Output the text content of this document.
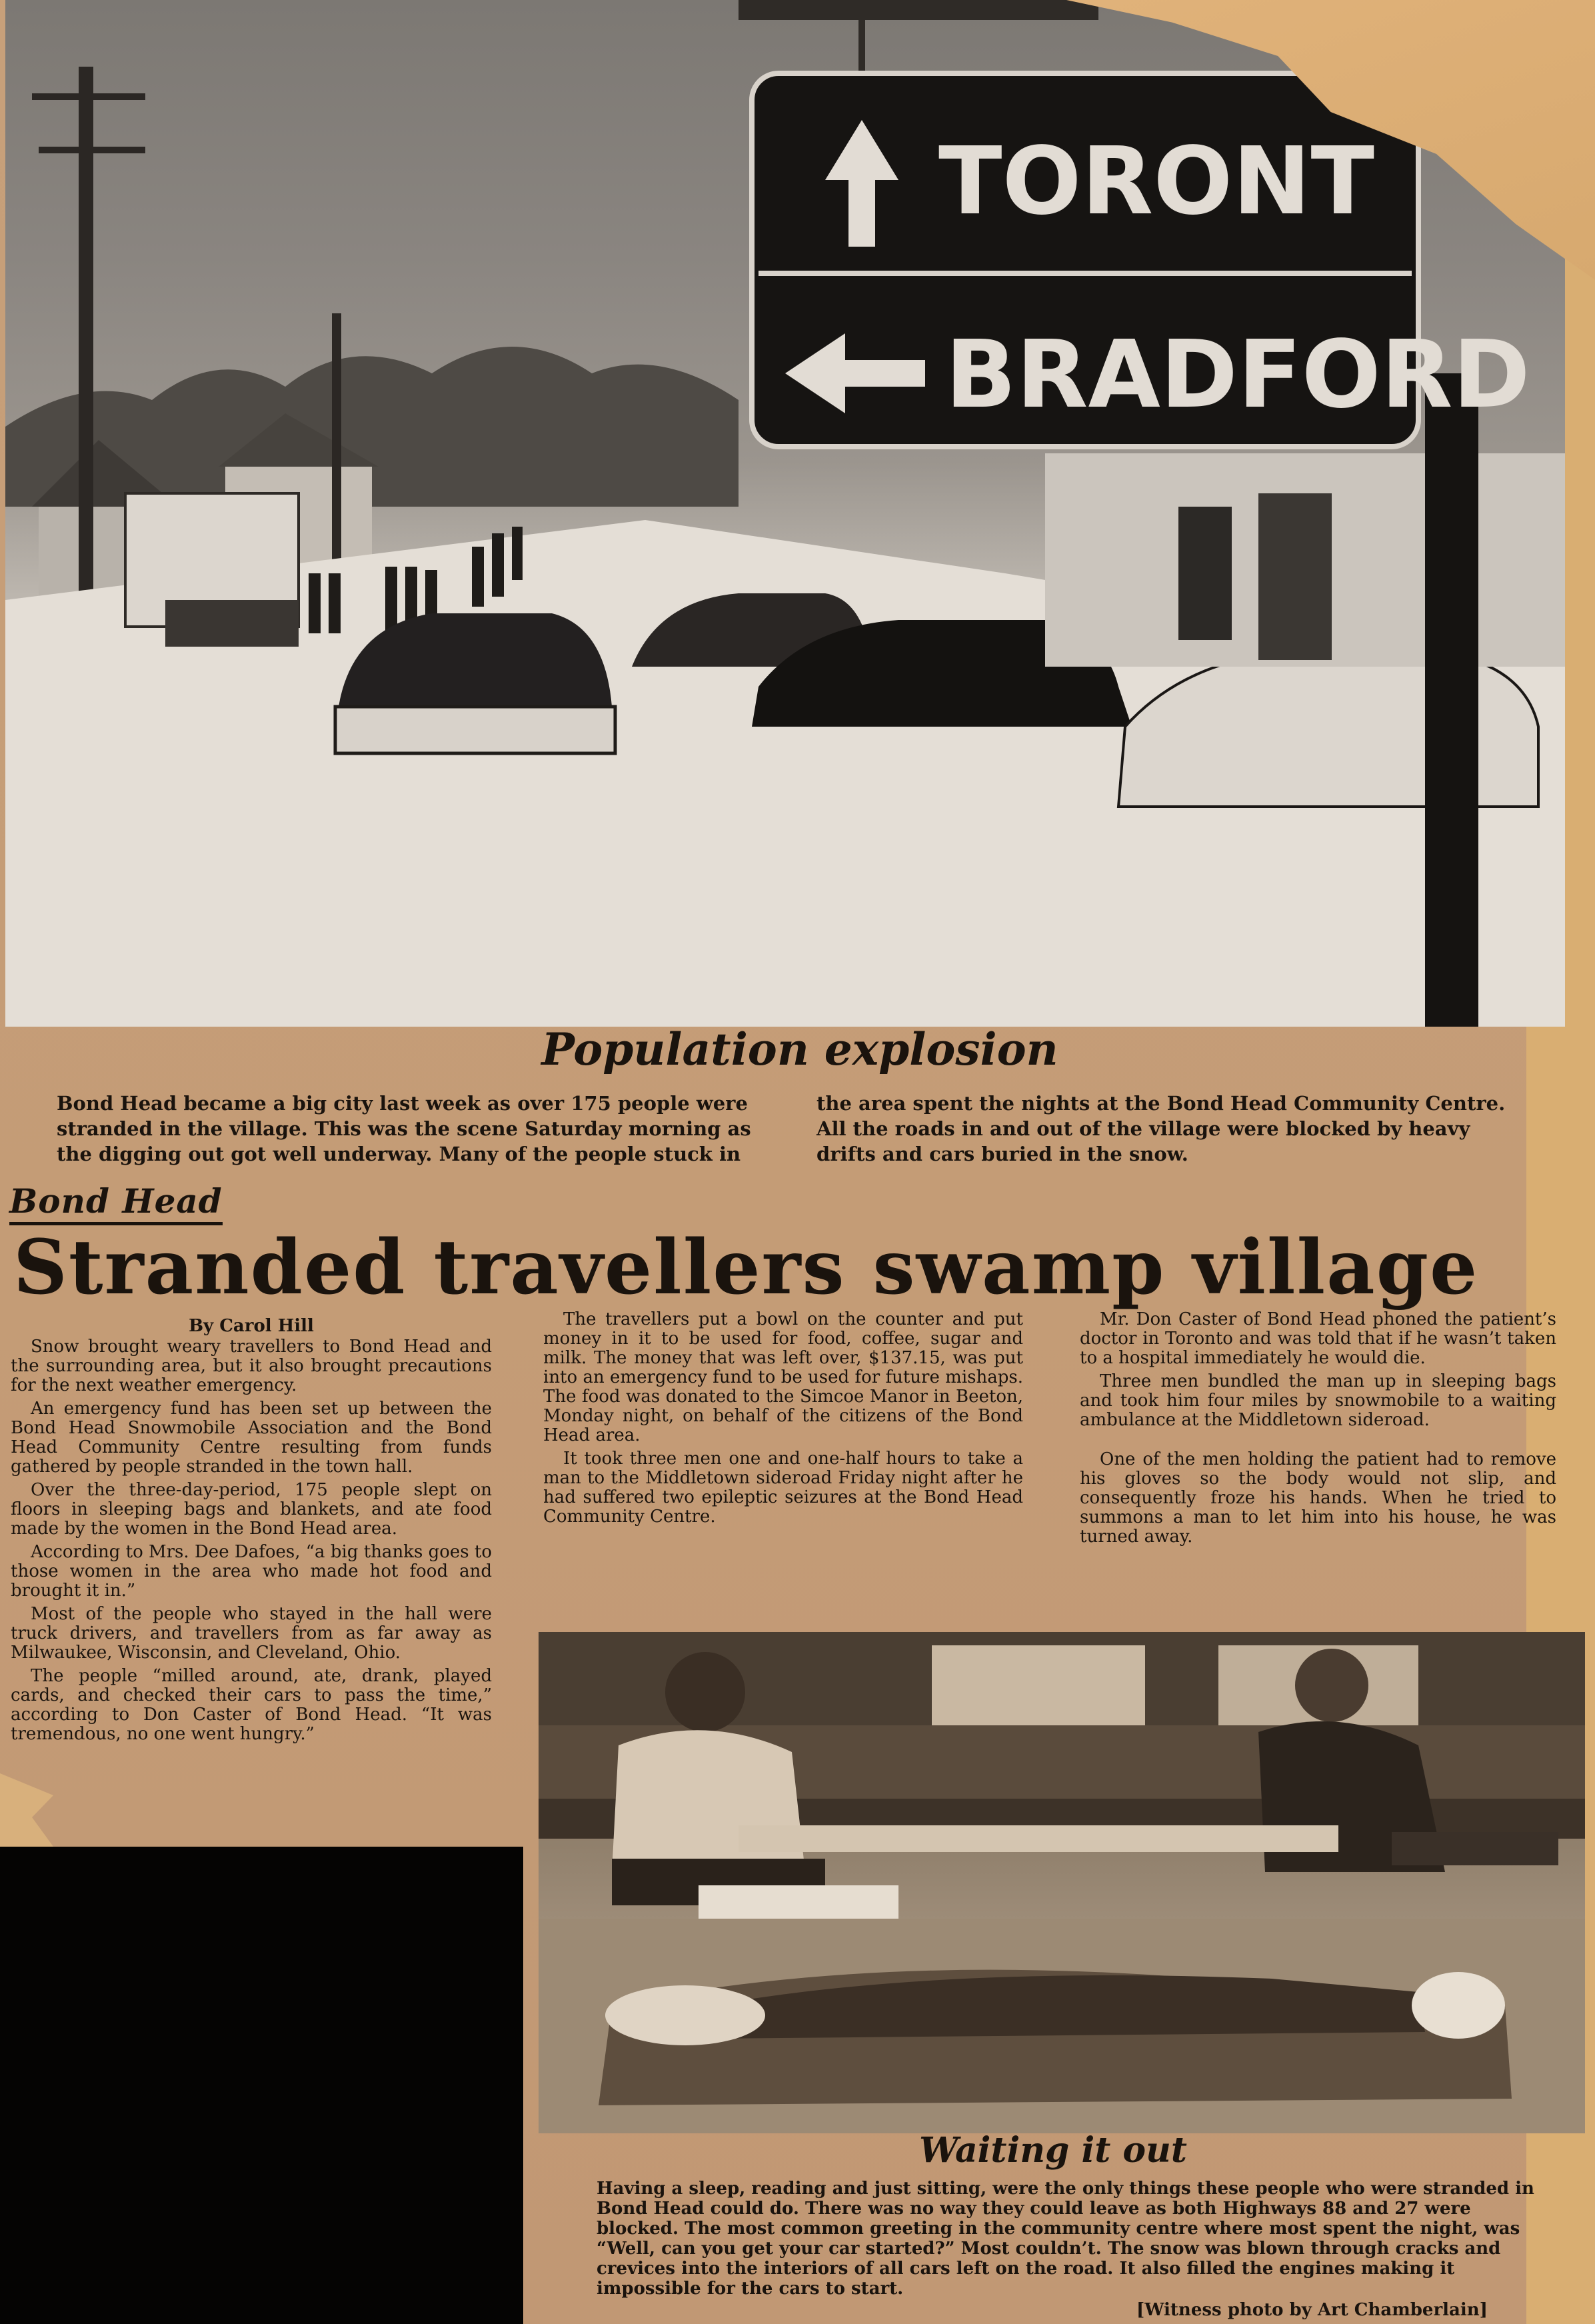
TORONT
BRADFORD
Population explosion
Bond Head became a big city last week as over 175 people were stranded in the village. This was the scene Saturday morning as the digging out got well underway. Many of the people stuck in
the area spent the nights at the Bond Head Community Centre. All the roads in and out of the village were blocked by heavy drifts and cars buried in the snow.
Bond Head
Stranded travellers swamp village

By Carol Hill

Snow brought weary travellers to Bond Head and the surrounding area, but it also brought precautions for the next weather emergency.

An emergency fund has been set up between the Bond Head Snowmobile Association and the Bond Head Community Centre resulting from funds gathered by people stranded in the town hall.

Over the three-day-period, 175 people slept on floors in sleeping bags and blankets, and ate food made by the women in the Bond Head area.

According to Mrs. Dee Dafoes, “a big thanks goes to those women in the area who made hot food and brought it in.”

Most of the people who stayed in the hall were truck drivers, and travellers from as far away as Milwaukee, Wisconsin, and Cleveland, Ohio.

The people “milled around, ate, drank, played cards, and checked their cars to pass the time,” according to Don Caster of Bond Head. “It was tremendous, no one went hungry.”

The travellers put a bowl on the counter and put money in it to be used for food, coffee, sugar and milk. The money that was left over, $137.15, was put into an emergency fund to be used for future mishaps. The food was donated to the Simcoe Manor in Beeton, Monday night, on behalf of the citizens of the Bond Head area.

It took three men one and one-half hours to take a man to the Middletown sideroad Friday night after he had suffered two epileptic seizures at the Bond Head Community Centre.

Mr. Don Caster of Bond Head phoned the patient’s doctor in Toronto and was told that if he wasn’t taken to a hospital immediately he would die.

Three men bundled the man up in sleeping bags and took him four miles by snowmobile to a waiting ambulance at the Middletown sideroad.

One of the men holding the patient had to remove his gloves so the body would not slip, and consequently froze his hands. When he tried to summons a man to let him into his house, he was turned away.

Waiting it out
Having a sleep, reading and just sitting, were the only things these people who were stranded in Bond Head could do. There was no way they could leave as both Highways 88 and 27 were blocked. The most common greeting in the community centre where most spent the night, was “Well, can you get your car started?” Most couldn’t. The snow was blown through cracks and crevices into the interiors of all cars left on the road. It also filled the engines making it impossible for the cars to start.
[Witness photo by Art Chamberlain]
